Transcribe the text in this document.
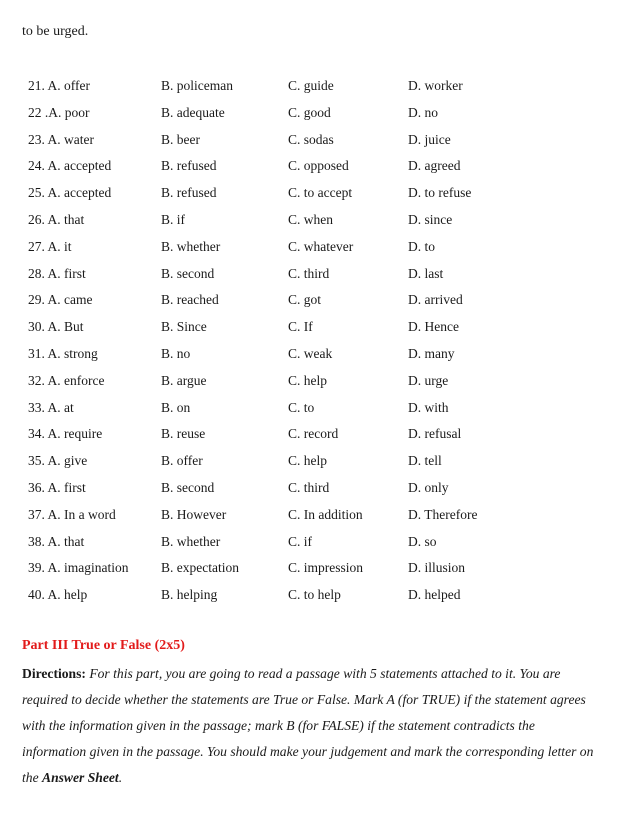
to be urged.
21. A. offer	B. policeman	C. guide	D. worker
22 .A. poor	B. adequate	C. good	D. no
23. A. water	B. beer	C. sodas	D. juice
24. A. accepted	B. refused	C. opposed	D. agreed
25. A. accepted	B. refused	C. to accept	D. to refuse
26. A. that	B. if	C. when	D. since
27. A. it	B. whether	C. whatever	D. to
28. A. first	B. second	C. third	D. last
29. A. came	B. reached	C. got	D. arrived
30. A. But	B. Since	C. If	D. Hence
31. A. strong	B. no	C. weak	D. many
32. A. enforce	B. argue	C. help	D. urge
33. A. at	B. on	C. to	D. with
34. A. require	B. reuse	C. record	D. refusal
35. A. give	B. offer	C. help	D. tell
36. A. first	B. second	C. third	D. only
37. A. In a word	B. However	C. In addition	D. Therefore
38. A. that	B. whether	C. if	D. so
39. A. imagination B. expectation	C. impression	D. illusion
40. A. help	B. helping	C. to help	D. helped
Part III True or False (2x5)
Directions: For this part, you are going to read a passage with 5 statements attached to it. You are required to decide whether the statements are True or False. Mark A (for TRUE) if the statement agrees with the information given in the passage; mark B (for FALSE) if the statement contradicts the information given in the passage. You should make your judgement and mark the corresponding letter on the Answer Sheet.
